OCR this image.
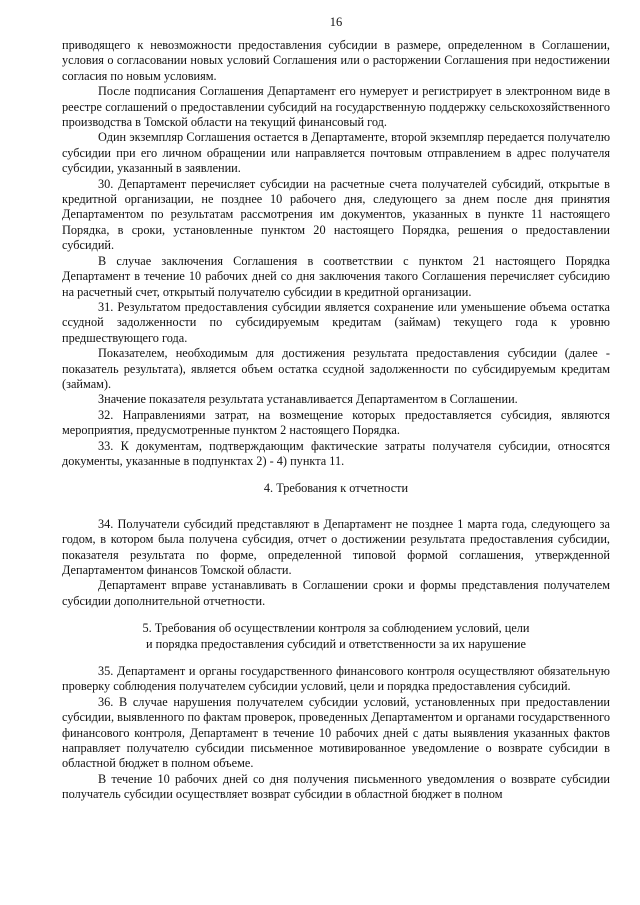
16

приводящего к невозможности предоставления субсидии в размере, определенном в Соглашении, условия о согласовании новых условий Соглашения или о расторжении Соглашения при недостижении согласия по новым условиям.

После подписания Соглашения Департамент его нумерует и регистрирует в электронном виде в реестре соглашений о предоставлении субсидий на государственную поддержку сельскохозяйственного производства в Томской области на текущий финансовый год.

Один экземпляр Соглашения остается в Департаменте, второй экземпляр передается получателю субсидии при его личном обращении или направляется почтовым отправлением в адрес получателя субсидии, указанный в заявлении.

30. Департамент перечисляет субсидии на расчетные счета получателей субсидий, открытые в кредитной организации, не позднее 10 рабочего дня, следующего за днем после дня принятия Департаментом по результатам рассмотрения им документов, указанных в пункте 11 настоящего Порядка, в сроки, установленные пунктом 20 настоящего Порядка, решения о предоставлении субсидий.

В случае заключения Соглашения в соответствии с пунктом 21 настоящего Порядка Департамент в течение 10 рабочих дней со дня заключения такого Соглашения перечисляет субсидию на расчетный счет, открытый получателю субсидии в кредитной организации.

31. Результатом предоставления субсидии является сохранение или уменьшение объема остатка ссудной задолженности по субсидируемым кредитам (займам) текущего года к уровню предшествующего года.

Показателем, необходимым для достижения результата предоставления субсидии (далее - показатель результата), является объем остатка ссудной задолженности по субсидируемым кредитам (займам).

Значение показателя результата устанавливается Департаментом в Соглашении.

32. Направлениями затрат, на возмещение которых предоставляется субсидия, являются мероприятия, предусмотренные пунктом 2 настоящего Порядка.

33. К документам, подтверждающим фактические затраты получателя субсидии, относятся документы, указанные в подпунктах 2) - 4) пункта 11.

4. Требования к отчетности

34. Получатели субсидий представляют в Департамент не позднее 1 марта года, следующего за годом, в котором была получена субсидия, отчет о достижении результата предоставления субсидии, показателя результата по форме, определенной типовой формой соглашения, утвержденной Департаментом финансов Томской области.

Департамент вправе устанавливать в Соглашении сроки и формы представления получателем субсидии дополнительной отчетности.

5. Требования об осуществлении контроля за соблюдением условий, цели
и порядка предоставления субсидий и ответственности за их нарушение

35. Департамент и органы государственного финансового контроля осуществляют обязательную проверку соблюдения получателем субсидии условий, цели и порядка предоставления субсидий.

36. В случае нарушения получателем субсидии условий, установленных при предоставлении субсидии, выявленного по фактам проверок, проведенных Департаментом и органами государственного финансового контроля, Департамент в течение 10 рабочих дней с даты выявления указанных фактов направляет получателю субсидии письменное мотивированное уведомление о возврате субсидии в областной бюджет в полном объеме.

В течение 10 рабочих дней со дня получения письменного уведомления о возврате субсидии получатель субсидии осуществляет возврат субсидии в областной бюджет в полном
